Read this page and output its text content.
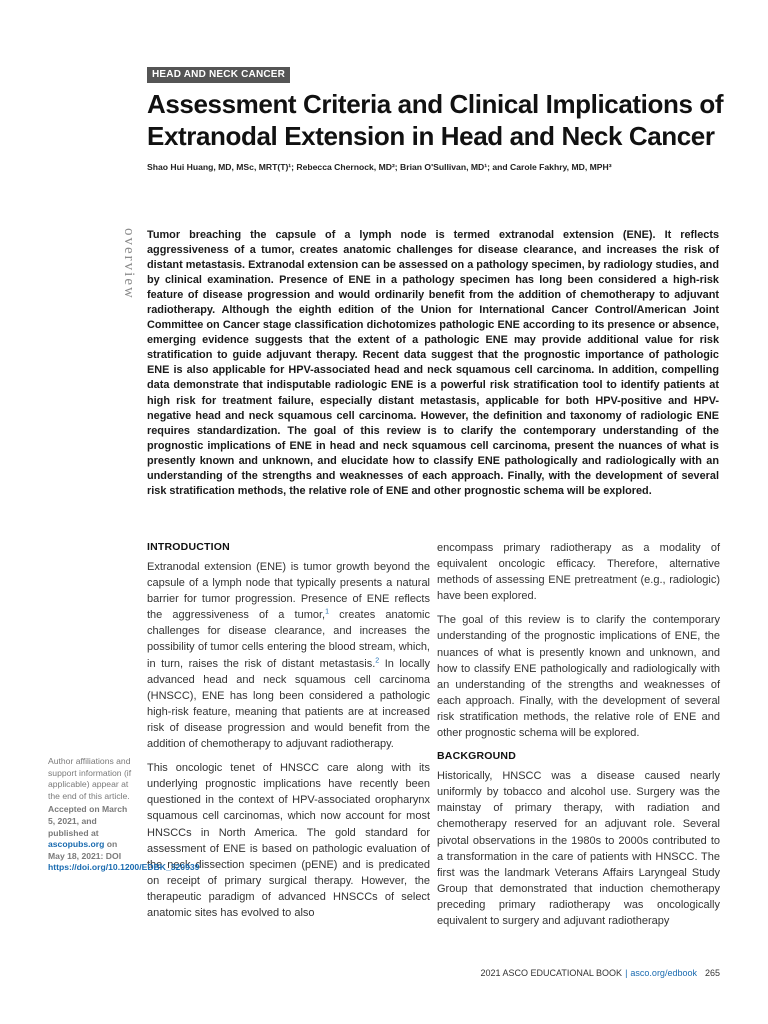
HEAD AND NECK CANCER
Assessment Criteria and Clinical Implications of Extranodal Extension in Head and Neck Cancer
Shao Hui Huang, MD, MSc, MRT(T)¹; Rebecca Chernock, MD²; Brian O'Sullivan, MD¹; and Carole Fakhry, MD, MPH³
overview Tumor breaching the capsule of a lymph node is termed extranodal extension (ENE). It reflects aggressiveness of a tumor, creates anatomic challenges for disease clearance, and increases the risk of distant metastasis. Extranodal extension can be assessed on a pathology specimen, by radiology studies, and by clinical examination. Presence of ENE in a pathology specimen has long been considered a high-risk feature of disease progression and would ordinarily benefit from the addition of chemotherapy to adjuvant radiotherapy. Although the eighth edition of the Union for International Cancer Control/American Joint Committee on Cancer stage classification dichotomizes pathologic ENE according to its presence or absence, emerging evidence suggests that the extent of a pathologic ENE may provide additional value for risk stratification to guide adjuvant therapy. Recent data suggest that the prognostic importance of pathologic ENE is also applicable for HPV-associated head and neck squamous cell carcinoma. In addition, compelling data demonstrate that indisputable radiologic ENE is a powerful risk stratification tool to identify patients at high risk for treatment failure, especially distant metastasis, applicable for both HPV-positive and HPV-negative head and neck squamous cell carcinoma. However, the definition and taxonomy of radiologic ENE requires standardization. The goal of this review is to clarify the contemporary understanding of the prognostic implications of ENE in head and neck squamous cell carcinoma, present the nuances of what is presently known and unknown, and elucidate how to classify ENE pathologically and radiologically with an understanding of the strengths and weaknesses of each approach. Finally, with the development of several risk stratification methods, the relative role of ENE and other prognostic schema will be explored.

INTRODUCTION

Extranodal extension (ENE) is tumor growth beyond the capsule of a lymph node that typically presents a natural barrier for tumor progression. Presence of ENE reflects the aggressiveness of a tumor,$^1$ creates anatomic challenges for disease clearance, and increases the possibility of tumor cells entering the blood stream, which, in turn, raises the risk of distant metastasis.$^2$ In locally advanced head and neck squamous cell carcinoma (HNSCC), ENE has long been considered a pathologic high-risk feature, meaning that patients are at increased risk of disease progression and would benefit from the addition of chemotherapy to adjuvant radiotherapy.

This oncologic tenet of HNSCC care along with its underlying prognostic implications have recently been questioned in the context of HPV-associated oropharynx squamous cell carcinomas, which now account for most HNSCCs in North America. The gold standard for assessment of ENE is based on pathologic evaluation of the neck dissection specimen (pENE) and is predicated on receipt of primary surgical therapy. However, the therapeutic paradigm of advanced HNSCCs of select anatomic sites has evolved to also

encompass primary radiotherapy as a modality of equivalent oncologic efficacy. Therefore, alternative methods of assessing ENE pretreatment (e.g., radiologic) have been explored.

The goal of this review is to clarify the contemporary understanding of the prognostic implications of ENE, the nuances of what is presently known and unknown, and how to classify ENE pathologically and radiologically with an understanding of the strengths and weaknesses of each approach. Finally, with the development of several risk stratification methods, the relative role of ENE and other prognostic schema will be explored.

BACKGROUND

Historically, HNSCC was a disease caused nearly uniformly by tobacco and alcohol use. Surgery was the mainstay of primary therapy, with radiation and chemotherapy reserved for an adjuvant role. Several pivotal observations in the 1980s to 2000s contributed to a transformation in the care of patients with HNSCC. The first was the landmark Veterans Affairs Laryngeal Study Group that demonstrated that induction chemotherapy preceding primary radiotherapy was oncologically equivalent to surgery and adjuvant radiotherapy

Author affiliations and support information (if applicable) appear at the end of this article.

Accepted on March 5, 2021, and published at ascopubs.org on May 18, 2021: DOI https://doi.org/10.1200/EDBK_320939

2021 ASCO EDUCATIONAL BOOK | asco.org/edbook 265
